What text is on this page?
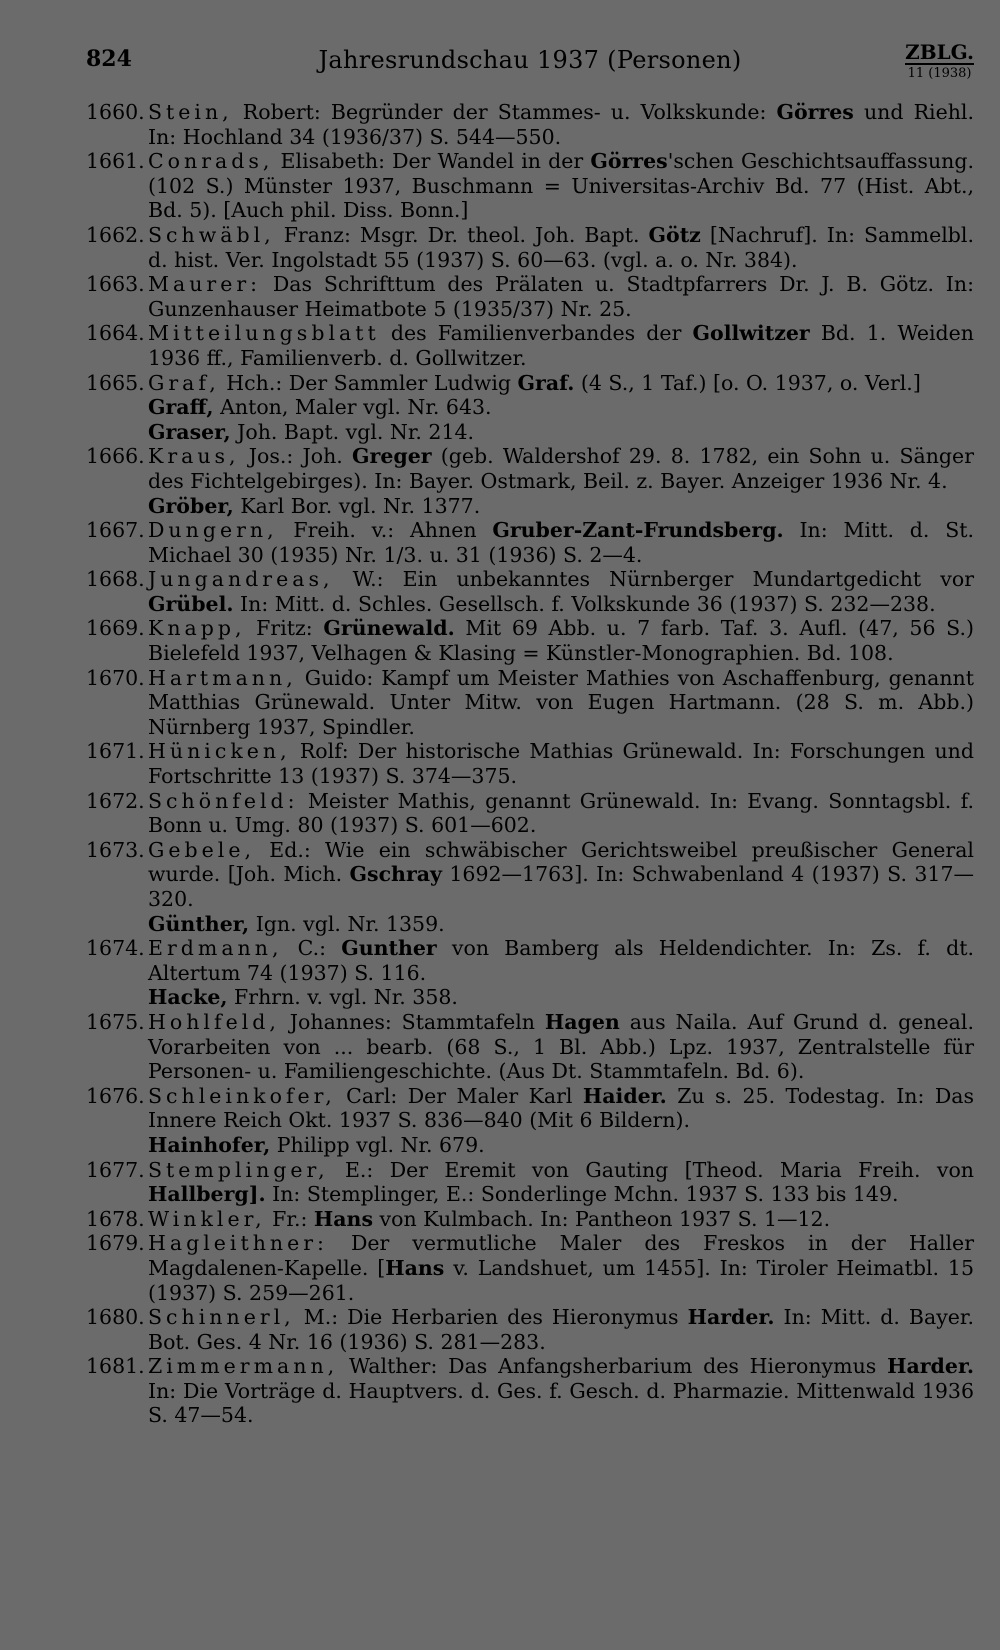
824	Jahresrundschau 1937 (Personen)	ZBLG.
11 (1938)
1660. Stein, Robert: Begründer der Stammes- u. Volkskunde: Görres und Riehl. In: Hochland 34 (1936/37) S. 544—550.
1661. Conrads, Elisabeth: Der Wandel in der Görres'schen Geschichtsauffassung. (102 S.) Münster 1937, Buschmann = Universitas-Archiv Bd. 77 (Hist. Abt., Bd. 5). [Auch phil. Diss. Bonn.]
1662. Schwäbl, Franz: Msgr. Dr. theol. Joh. Bapt. Götz [Nachruf]. In: Sammelbl. d. hist. Ver. Ingolstadt 55 (1937) S. 60—63. (vgl. a. o. Nr. 384).
1663. Maurer: Das Schrifttum des Prälaten u. Stadtpfarrers Dr. J. B. Götz. In: Gunzenhauser Heimatbote 5 (1935/37) Nr. 25.
1664. Mitteilungsblatt des Familienverbandes der Gollwitzer Bd. 1. Weiden 1936 ff., Familienverb. d. Gollwitzer.
1665. Graf, Hch.: Der Sammler Ludwig Graf. (4 S., 1 Taf.) [o. O. 1937, o. Verl.]
Graff, Anton, Maler vgl. Nr. 643.
Graser, Joh. Bapt. vgl. Nr. 214.
1666. Kraus, Jos.: Joh. Greger (geb. Waldershof 29. 8. 1782, ein Sohn u. Sänger des Fichtelgebirges). In: Bayer. Ostmark, Beil. z. Bayer. Anzeiger 1936 Nr. 4.
Gröber, Karl Bor. vgl. Nr. 1377.
1667. Dungern, Freih. v.: Ahnen Gruber-Zant-Frundsberg. In: Mitt. d. St. Michael 30 (1935) Nr. 1/3. u. 31 (1936) S. 2—4.
1668. Jungandreas, W.: Ein unbekanntes Nürnberger Mundartgedicht vor Grübel. In: Mitt. d. Schles. Gesellsch. f. Volkskunde 36 (1937) S. 232—238.
1669. Knapp, Fritz: Grünewald. Mit 69 Abb. u. 7 farb. Taf. 3. Aufl. (47, 56 S.) Bielefeld 1937, Velhagen & Klasing = Künstler-Monographien. Bd. 108.
1670. Hartmann, Guido: Kampf um Meister Mathies von Aschaffenburg, genannt Matthias Grünewald. Unter Mitw. von Eugen Hartmann. (28 S. m. Abb.) Nürnberg 1937, Spindler.
1671. Hünicken, Rolf: Der historische Mathias Grünewald. In: Forschungen und Fortschritte 13 (1937) S. 374—375.
1672. Schönfeld: Meister Mathis, genannt Grünewald. In: Evang. Sonntagsbl. f. Bonn u. Umg. 80 (1937) S. 601—602.
1673. Gebele, Ed.: Wie ein schwäbischer Gerichtsweibel preußischer General wurde. [Joh. Mich. Gschray 1692—1763]. In: Schwabenland 4 (1937) S. 317—320.
Günther, Ign. vgl. Nr. 1359.
1674. Erdmann, C.: Gunther von Bamberg als Heldendichter. In: Zs. f. dt. Altertum 74 (1937) S. 116.
Hacke, Frhrn. v. vgl. Nr. 358.
1675. Hohlfeld, Johannes: Stammtafeln Hagen aus Naila. Auf Grund d. geneal. Vorarbeiten von ... bearb. (68 S., 1 Bl. Abb.) Lpz. 1937, Zentralstelle für Personen- u. Familiengeschichte. (Aus Dt. Stammtafeln. Bd. 6).
1676. Schleinkofer, Carl: Der Maler Karl Haider. Zu s. 25. Todestag. In: Das Innere Reich Okt. 1937 S. 836—840 (Mit 6 Bildern).
Hainhofer, Philipp vgl. Nr. 679.
1677. Stemplinger, E.: Der Eremit von Gauting [Theod. Maria Freih. von Hallberg]. In: Stemplinger, E.: Sonderlinge Mchn. 1937 S. 133 bis 149.
1678. Winkler, Fr.: Hans von Kulmbach. In: Pantheon 1937 S. 1—12.
1679. Hagleithner: Der vermutliche Maler des Freskos in der Haller Magdalenen-Kapelle. [Hans v. Landshuet, um 1455]. In: Tiroler Heimatbl. 15 (1937) S. 259—261.
1680. Schinnerl, M.: Die Herbarien des Hieronymus Harder. In: Mitt. d. Bayer. Bot. Ges. 4 Nr. 16 (1936) S. 281—283.
1681. Zimmermann, Walther: Das Anfangsherbarium des Hieronymus Harder. In: Die Vorträge d. Hauptvers. d. Ges. f. Gesch. d. Pharmazie. Mittenwald 1936 S. 47—54.
